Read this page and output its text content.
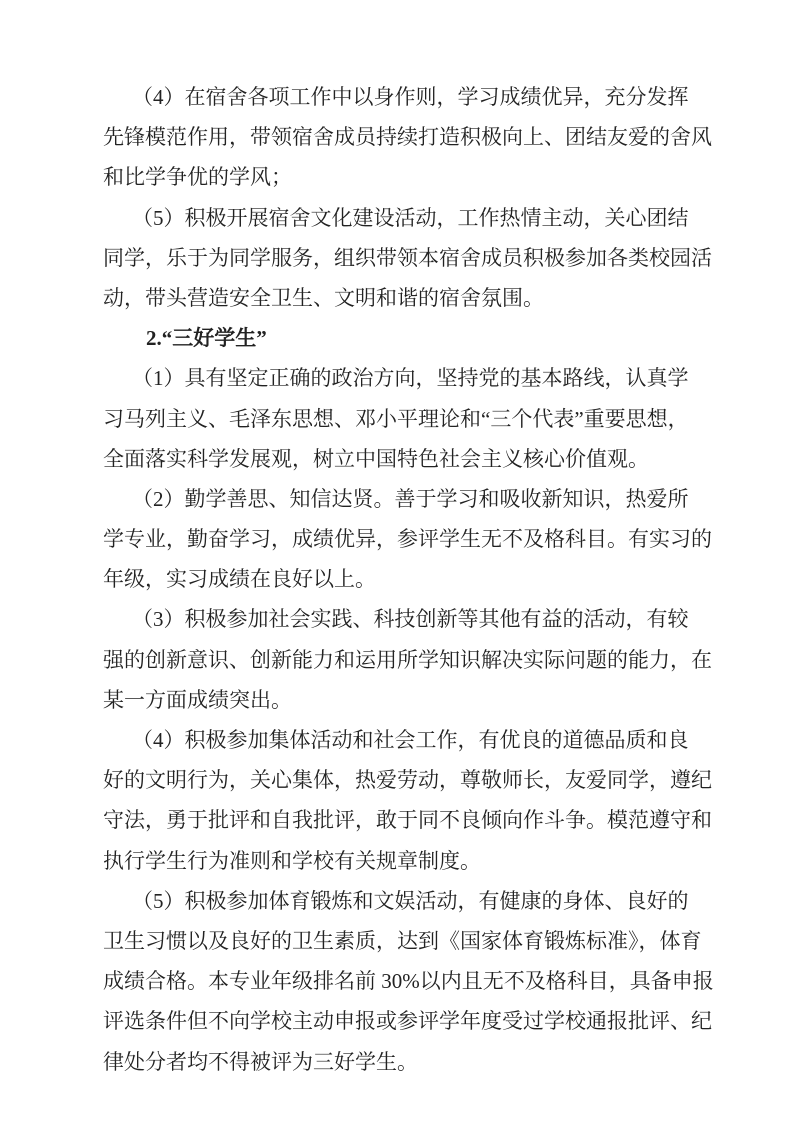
（4）在宿舍各项工作中以身作则，学习成绩优异，充分发挥
先锋模范作用，带领宿舍成员持续打造积极向上、团结友爱的舍风
和比学争优的学风；
（5）积极开展宿舍文化建设活动，工作热情主动，关心团结
同学，乐于为同学服务，组织带领本宿舍成员积极参加各类校园活
动，带头营造安全卫生、文明和谐的宿舍氛围。
2.“三好学生”
（1）具有坚定正确的政治方向，坚持党的基本路线，认真学
习马列主义、毛泽东思想、邓小平理论和“三个代表”重要思想，
全面落实科学发展观，树立中国特色社会主义核心价值观。
（2）勤学善思、知信达贤。善于学习和吸收新知识，热爱所
学专业，勤奋学习，成绩优异，参评学生无不及格科目。有实习的
年级，实习成绩在良好以上。
（3）积极参加社会实践、科技创新等其他有益的活动，有较
强的创新意识、创新能力和运用所学知识解决实际问题的能力，在
某一方面成绩突出。
（4）积极参加集体活动和社会工作，有优良的道德品质和良
好的文明行为，关心集体，热爱劳动，尊敬师长，友爱同学，遵纪
守法，勇于批评和自我批评，敢于同不良倾向作斗争。模范遵守和
执行学生行为准则和学校有关规章制度。
（5）积极参加体育锻炼和文娱活动，有健康的身体、良好的
卫生习惯以及良好的卫生素质，达到《国家体育锻炼标准》，体育
成绩合格。本专业年级排名前 30%以内且无不及格科目，具备申报
评选条件但不向学校主动申报或参评学年度受过学校通报批评、纪
律处分者均不得被评为三好学生。
